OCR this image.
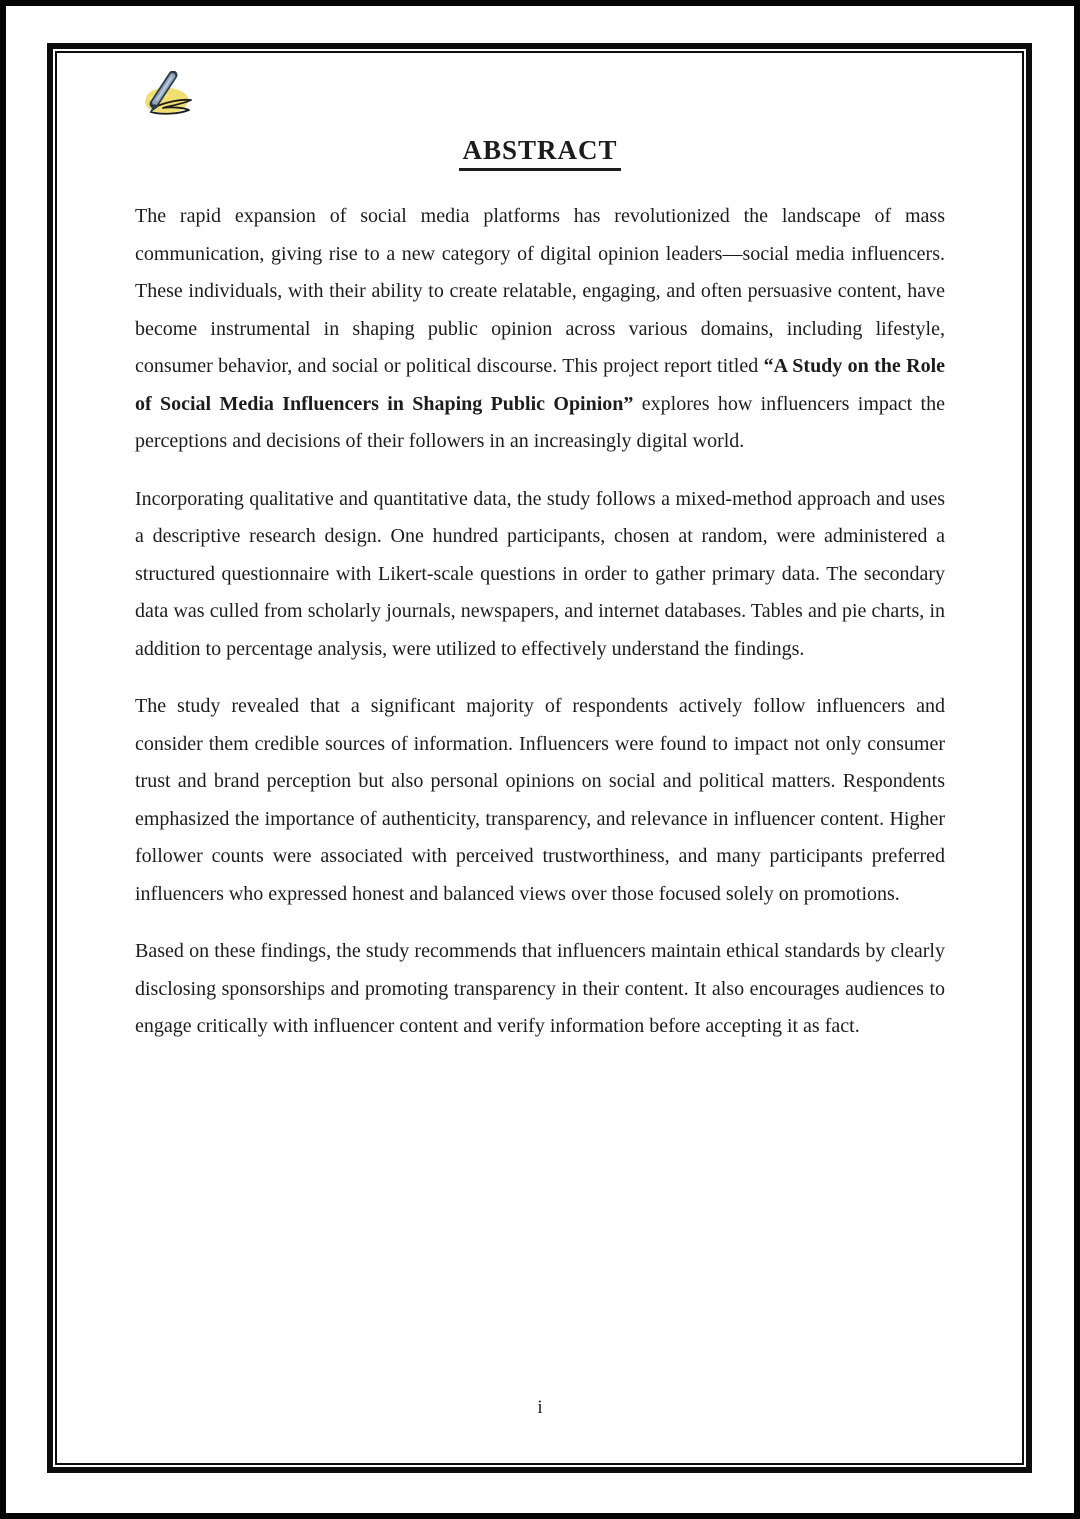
ABSTRACT

The rapid expansion of social media platforms has revolutionized the landscape of mass communication, giving rise to a new category of digital opinion leaders—social media influencers. These individuals, with their ability to create relatable, engaging, and often persuasive content, have become instrumental in shaping public opinion across various domains, including lifestyle, consumer behavior, and social or political discourse. This project report titled “A Study on the Role of Social Media Influencers in Shaping Public Opinion” explores how influencers impact the perceptions and decisions of their followers in an increasingly digital world.

Incorporating qualitative and quantitative data, the study follows a mixed-method approach and uses a descriptive research design. One hundred participants, chosen at random, were administered a structured questionnaire with Likert-scale questions in order to gather primary data. The secondary data was culled from scholarly journals, newspapers, and internet databases. Tables and pie charts, in addition to percentage analysis, were utilized to effectively understand the findings.

The study revealed that a significant majority of respondents actively follow influencers and consider them credible sources of information. Influencers were found to impact not only consumer trust and brand perception but also personal opinions on social and political matters. Respondents emphasized the importance of authenticity, transparency, and relevance in influencer content. Higher follower counts were associated with perceived trustworthiness, and many participants preferred influencers who expressed honest and balanced views over those focused solely on promotions.

Based on these findings, the study recommends that influencers maintain ethical standards by clearly disclosing sponsorships and promoting transparency in their content. It also encourages audiences to engage critically with influencer content and verify information before accepting it as fact.

i
